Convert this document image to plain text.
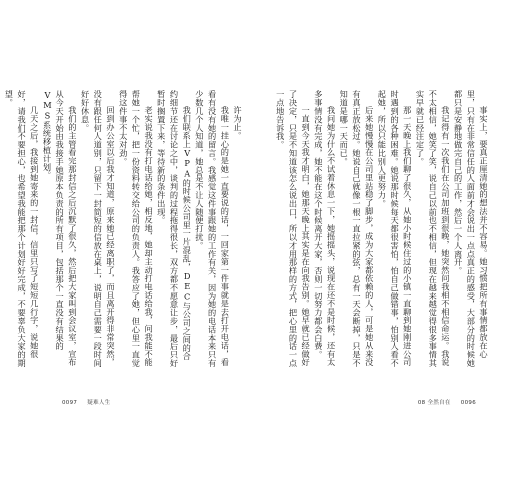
许为止。

我唯一挂心的是她一直要说的话，一回家第一件事就是去打开电话，看看有没有她的留言。我感觉这件事跟她的工作有关，因为她的电话本来只有少数几个人知道，她总是不让人随便打扰。

我们联系上VPA的时候公司里一片混乱，DEC与公司之间的合约细节还在讨论之中，谈判的过程拖得很长，双方都不愿意让步，最后只好暂时搁置下来，等待新的条件出现。

老实说我没有打电话给她，相反地，她却主动打电话给我，问我能不能帮她一个忙，把一份资料转交给公司的负责人。我答应了她，但心里一直觉得这件事不太对劲。

回到办公室以后我才知道，原来她已经离职了，而且离开得非常突然，没有跟任何人道别，只留下一封简短的信放在桌上，说明自己需要一段时间好好休息。

我们的主管看完那封信之后沉默了很久，然后把大家叫到会议室，宣布从今天开始由我接手她原本负责的所有项目，包括那个一直没有结果的VMS系统移植计划。

几天之后，我接到她寄来的一封信，信里只写了短短几行字，说她很好，请我们不要担心，也希望我能把那个计划好好完成，不要辜负大家的期望。

0097 疑难人生

事实上，要真正厘清她的想法并不容易。她习惯把所有事情都放在心里，只有在非常信任的人面前才会说出一点点真正的感受，大部分的时候她都只是安静地做完自己的工作，然后一个人离开。

我记得有一次我们在公司加班到很晚，她突然问我相不相信命运。我说不太相信，她笑了笑，说自己以前也不相信，但现在越来越觉得很多事情其实早就已经注定了。

那一天晚上我们聊了很久，从她小时候住过的小镇一直聊到她刚进公司时遇到的各种困难。她说那时候每天都很害怕，怕自己做错事，怕别人看不起她，所以只能比别人更努力。

后来她慢慢在公司里站稳了脚步，成为大家都依赖的人，可是她从来没有真正放松过。她说自己就像一根一直拉紧的弦，总有一天会断掉，只是不知道是哪一天而已。

我问她为什么不试着休息一下，她摇摇头，说现在还不是时候，还有太多事情没有完成，她不能在这个时候离开大家，否则一切努力都会白费。

一直到今天我才明白，她那天晚上其实是在向我告别。她早就已经做好了决定，只是不知道该怎么说出口，所以才用那样的方式，把心里的话一点一点地告诉我。

08 全然自在 0096
